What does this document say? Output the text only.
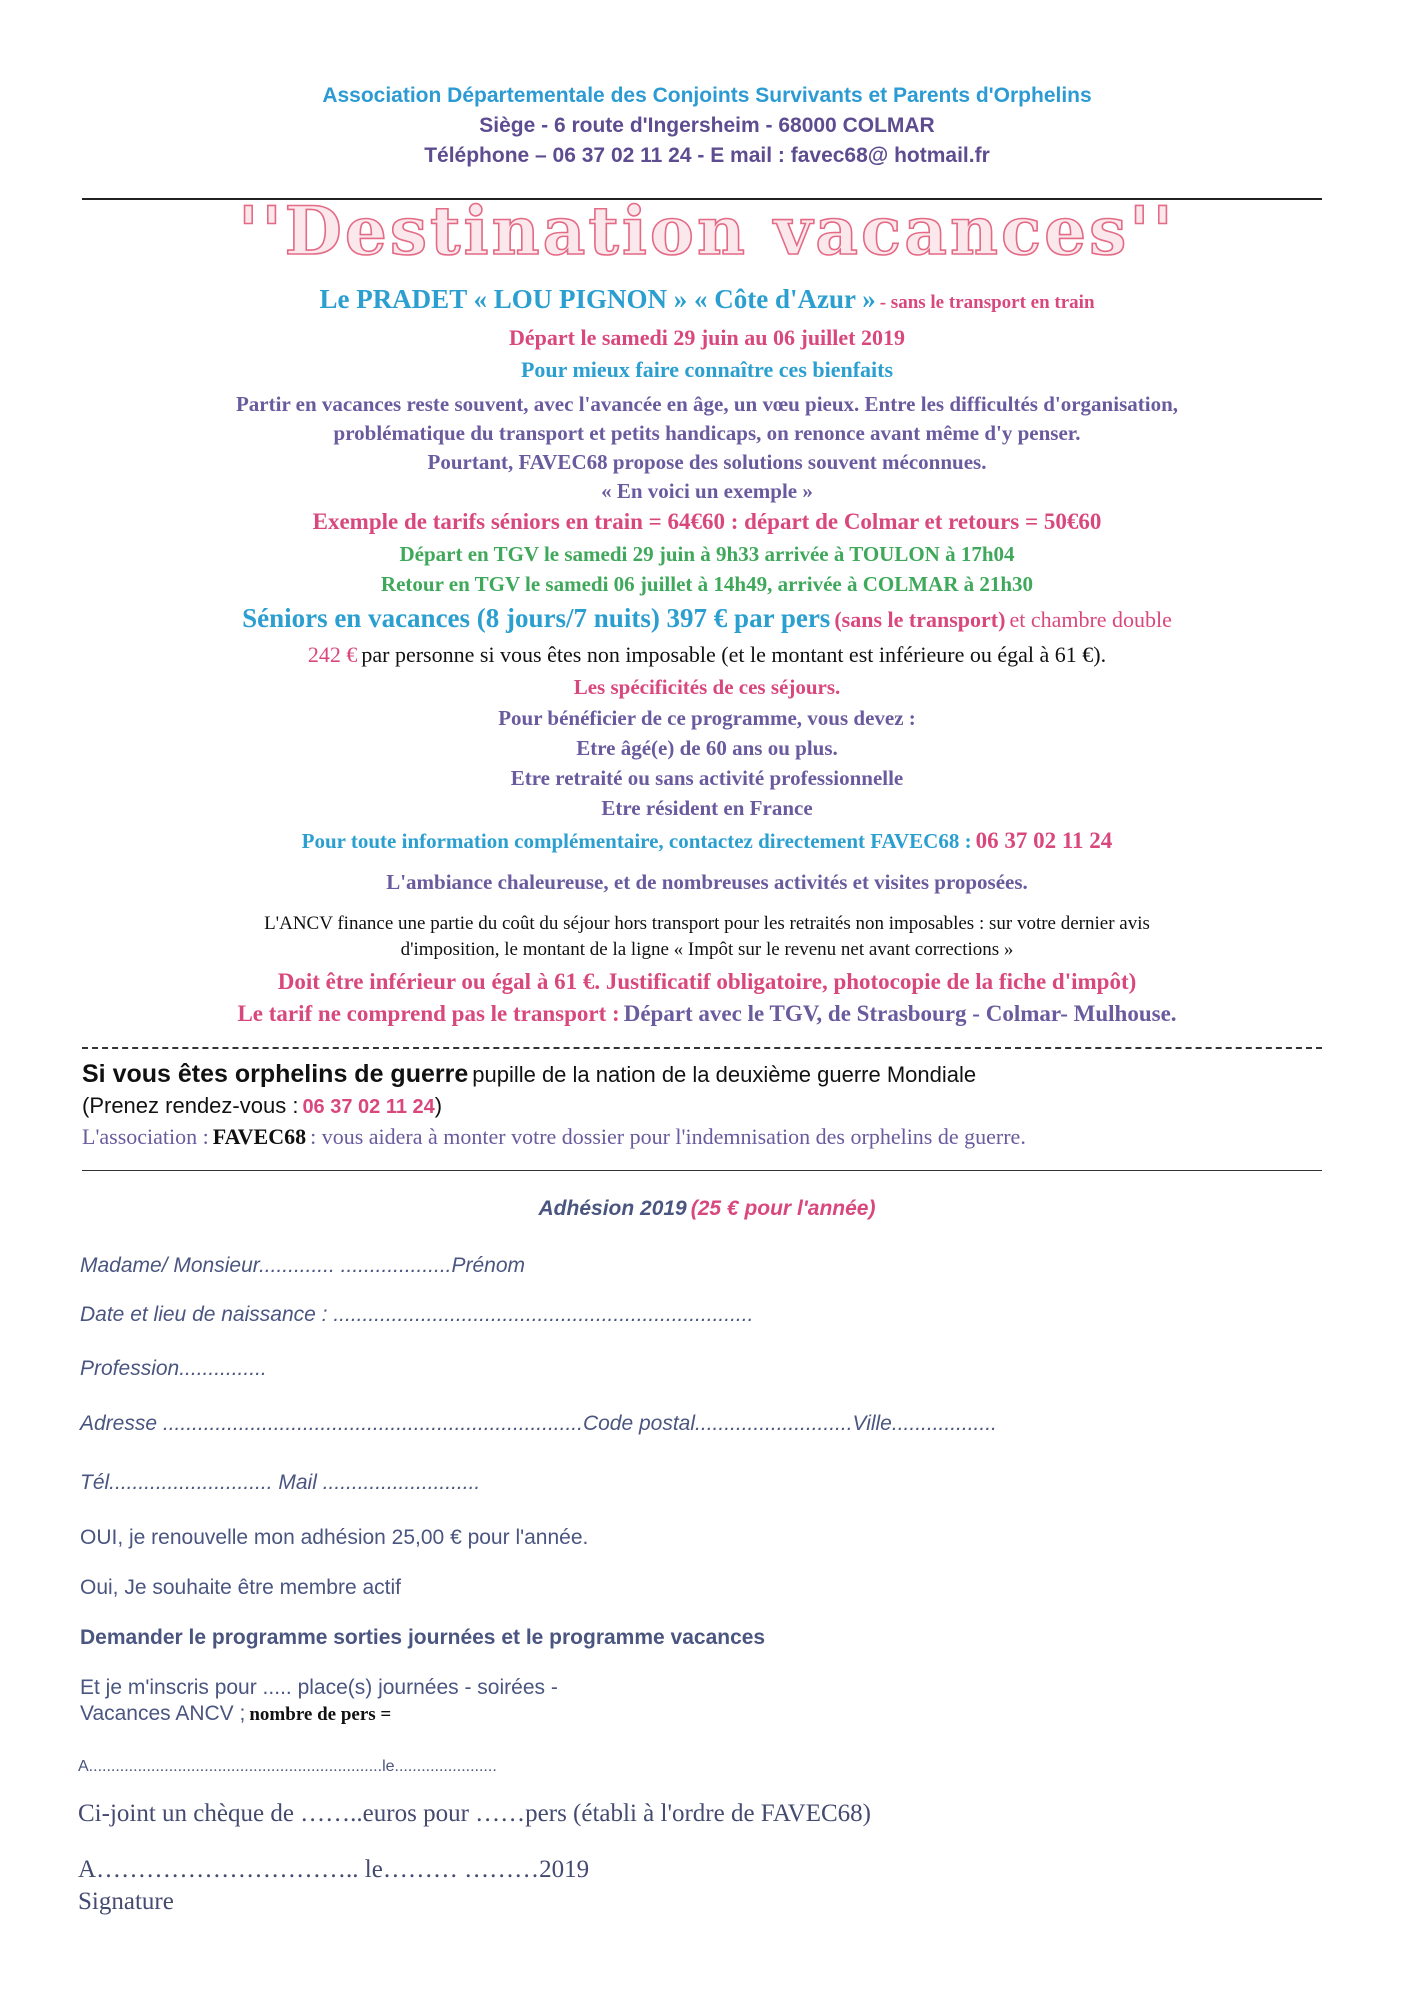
Association Départementale des Conjoints Survivants et Parents d'Orphelins
Siège - 6 route d'Ingersheim - 68000 COLMAR
Téléphone – 06 37 02 11 24 - E mail : favec68@ hotmail.fr
''Destination vacances''
Le PRADET « LOU PIGNON » « Côte d'Azur » - sans le transport en train
Départ le samedi 29 juin au 06 juillet 2019
Pour mieux faire connaître ces bienfaits
Partir en vacances reste souvent, avec l'avancée en âge, un vœu pieux. Entre les difficultés d'organisation,
problématique du transport et petits handicaps, on renonce avant même d'y penser.
Pourtant, FAVEC68 propose des solutions souvent méconnues.
« En voici un exemple »
Exemple de tarifs séniors en train = 64€60 : départ de Colmar et retours = 50€60
Départ en TGV le samedi 29 juin à 9h33 arrivée à TOULON à 17h04
Retour en TGV le samedi 06 juillet à 14h49, arrivée à COLMAR à 21h30
Séniors en vacances (8 jours/7 nuits) 397 € par pers (sans le transport) et chambre double
242 € par personne si vous êtes non imposable (et le montant est inférieure ou égal à 61 €).
Les spécificités de ces séjours.
Pour bénéficier de ce programme, vous devez :
Etre âgé(e) de 60 ans ou plus.
Etre retraité ou sans activité professionnelle
Etre résident en France
Pour toute information complémentaire, contactez directement FAVEC68 : 06 37 02 11 24
L'ambiance chaleureuse, et de nombreuses activités et visites proposées.
L'ANCV finance une partie du coût du séjour hors transport pour les retraités non imposables : sur votre dernier avis
d'imposition, le montant de la ligne « Impôt sur le revenu net avant corrections »
Doit être inférieur ou égal à 61 €. Justificatif obligatoire, photocopie de la fiche d'impôt)
Le tarif ne comprend pas le transport : Départ avec le TGV, de Strasbourg - Colmar- Mulhouse.
Si vous êtes orphelins de guerre pupille de la nation de la deuxième guerre Mondiale
(Prenez rendez-vous : 06 37 02 11 24)
L'association : FAVEC68 : vous aidera à monter votre dossier pour l'indemnisation des orphelins de guerre.
Adhésion 2019 (25 € pour l'année)
Madame/ Monsieur............. ...................Prénom
Date et lieu de naissance : ........................................................................
Profession...............
Adresse ........................................................................Code postal...........................Ville..................
Tél............................ Mail ...........................
OUI, je renouvelle mon adhésion 25,00 € pour l'année.
Oui, Je souhaite être membre actif
Demander le programme sorties journées et le programme vacances
Et je m'inscris pour ..... place(s) journées - soirées -
Vacances ANCV ; nombre de pers =
A..................................................................le.......................
Ci-joint un chèque de ……..euros pour ……pers (établi à l'ordre de FAVEC68)
A………………………….. le……… ………2019
Signature
